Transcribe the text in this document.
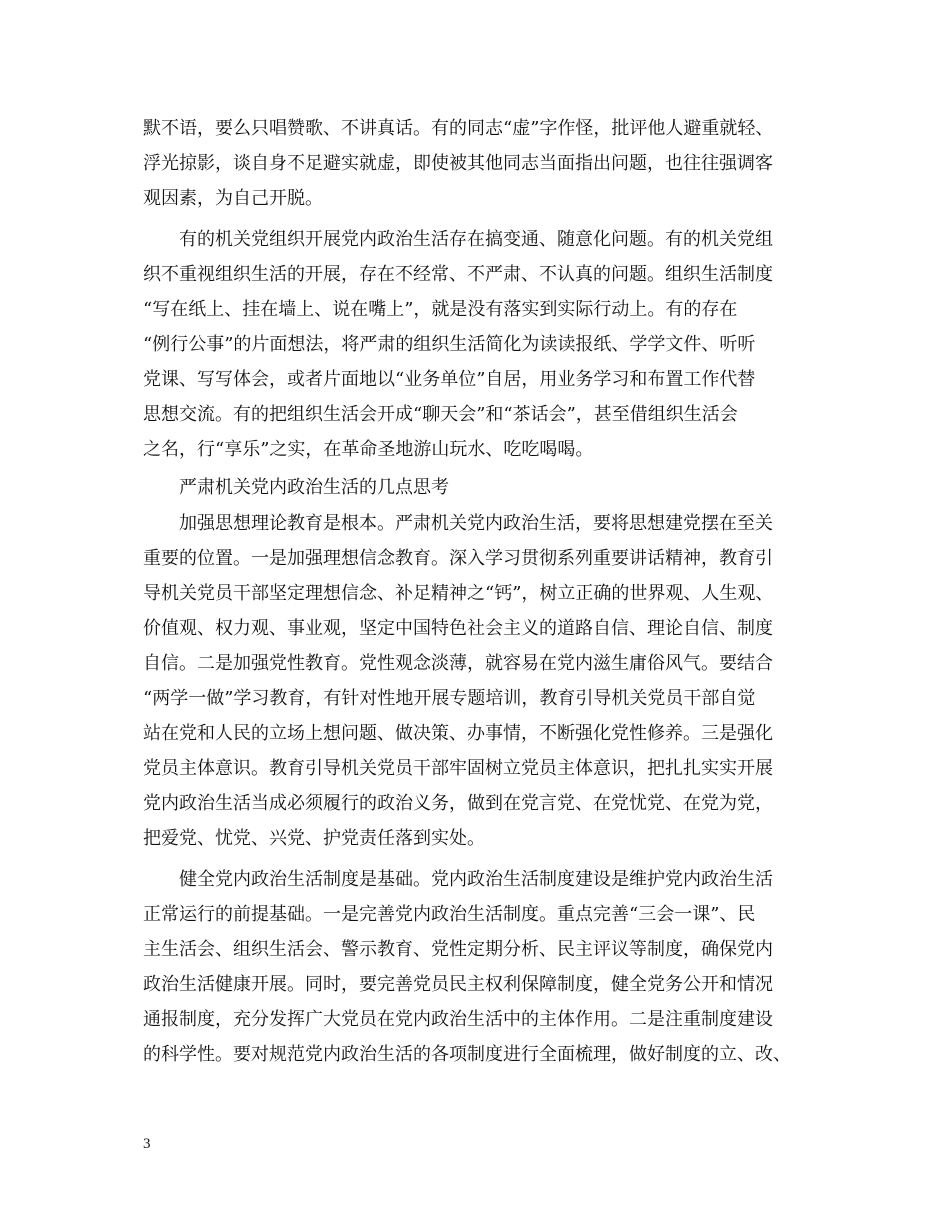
默不语，要么只唱赞歌、不讲真话。有的同志“虚”字作怪，批评他人避重就轻、

浮光掠影，谈自身不足避实就虚，即使被其他同志当面指出问题，也往往强调客

观因素，为自己开脱。

　　有的机关党组织开展党内政治生活存在搞变通、随意化问题。有的机关党组

织不重视组织生活的开展，存在不经常、不严肃、不认真的问题。组织生活制度

“写在纸上、挂在墙上、说在嘴上”，就是没有落实到实际行动上。有的存在

“例行公事”的片面想法，将严肃的组织生活简化为读读报纸、学学文件、听听

党课、写写体会，或者片面地以“业务单位”自居，用业务学习和布置工作代替

思想交流。有的把组织生活会开成“聊天会”和“茶话会”，甚至借组织生活会

之名，行“享乐”之实，在革命圣地游山玩水、吃吃喝喝。

　　严肃机关党内政治生活的几点思考

　　加强思想理论教育是根本。严肃机关党内政治生活，要将思想建党摆在至关

重要的位置。一是加强理想信念教育。深入学习贯彻系列重要讲话精神，教育引

导机关党员干部坚定理想信念、补足精神之“钙”，树立正确的世界观、人生观、

价值观、权力观、事业观，坚定中国特色社会主义的道路自信、理论自信、制度

自信。二是加强党性教育。党性观念淡薄，就容易在党内滋生庸俗风气。要结合

“两学一做”学习教育，有针对性地开展专题培训，教育引导机关党员干部自觉

站在党和人民的立场上想问题、做决策、办事情，不断强化党性修养。三是强化

党员主体意识。教育引导机关党员干部牢固树立党员主体意识，把扎扎实实开展

党内政治生活当成必须履行的政治义务，做到在党言党、在党忧党、在党为党，

把爱党、忧党、兴党、护党责任落到实处。

　　健全党内政治生活制度是基础。党内政治生活制度建设是维护党内政治生活

正常运行的前提基础。一是完善党内政治生活制度。重点完善“三会一课”、民

主生活会、组织生活会、警示教育、党性定期分析、民主评议等制度，确保党内

政治生活健康开展。同时，要完善党员民主权利保障制度，健全党务公开和情况

通报制度，充分发挥广大党员在党内政治生活中的主体作用。二是注重制度建设

的科学性。要对规范党内政治生活的各项制度进行全面梳理，做好制度的立、改、

3
